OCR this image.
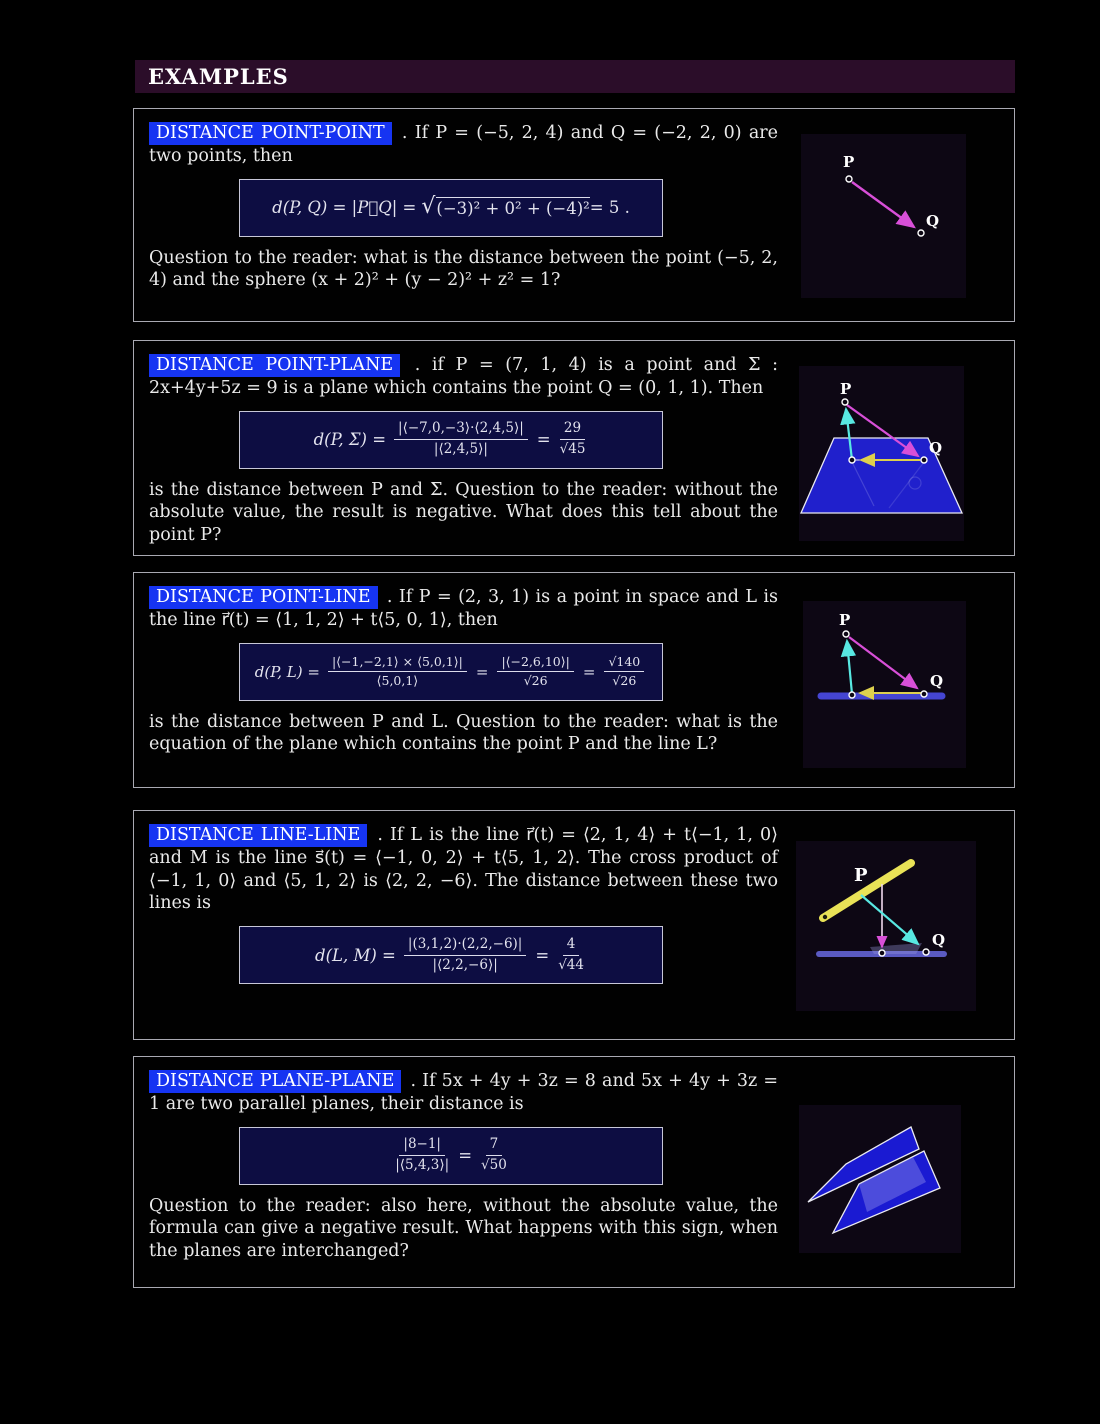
EXAMPLES

DISTANCE POINT-POINT . If P = (−5, 2, 4) and Q = (−2, 2, 0) are two points, then

d(P, Q) = |P⃗Q| = √ (−3)² + 0² + (−4)² = 5 .

Question to the reader: what is the distance between the point (−5, 2, 4) and the sphere (x + 2)² + (y − 2)² + z² = 1?

P
Q

DISTANCE POINT-PLANE . if P = (7, 1, 4) is a point and Σ : 2x+4y+5z = 9 is a plane which contains the point Q = (0, 1, 1). Then

d(P, $\Sigma) = \frac{|⟨-7,0,-3⟩\cdot⟨2,4,5⟩|}{|⟨2,4,5⟩|} = \frac{29}{√45}$

is the distance between P and Σ. Question to the reader: without the absolute value, the result is negative. What does this tell about the point P?

P
Q

DISTANCE POINT-LINE . If P = (2, 3, 1) is a point in space and L is the line r⃗(t) = ⟨1, 1, 2⟩ + t⟨5, 0, 1⟩, then

d(P, $L) = \frac{|⟨-1,-2,1⟩ \times ⟨5,0,1⟩|}{⟨5,0,1⟩} = \frac{|⟨-2,6,10⟩|}{√26} = \frac{√140}{√26}$

is the distance between P and L. Question to the reader: what is the equation of the plane which contains the point P and the line L?

P
Q

DISTANCE LINE-LINE . If L is the line r⃗(t) = ⟨2, 1, 4⟩ + t⟨−1, 1, 0⟩ and M is the line s⃗(t) = ⟨−1, 0, 2⟩ + t⟨5, 1, 2⟩. The cross product of ⟨−1, 1, 0⟩ and ⟨5, 1, 2⟩ is ⟨2, 2, −6⟩. The distance between these two lines is

d(L, $M) = \frac{|(3,1,2)\cdot(2,2,-6)|}{|⟨2,2,-6⟩|} = \frac{4}{√44}$
P
Q

DISTANCE PLANE-PLANE . If 5x + 4y + 3z = 8 and 5x + 4y + 3z = 1 are two parallel planes, their distance is

$\frac{|8-1|}{|⟨5,4,3⟩|} = \frac{7}{√50}$

Question to the reader: also here, without the absolute value, the formula can give a negative result. What happens with this sign, when the planes are interchanged?
